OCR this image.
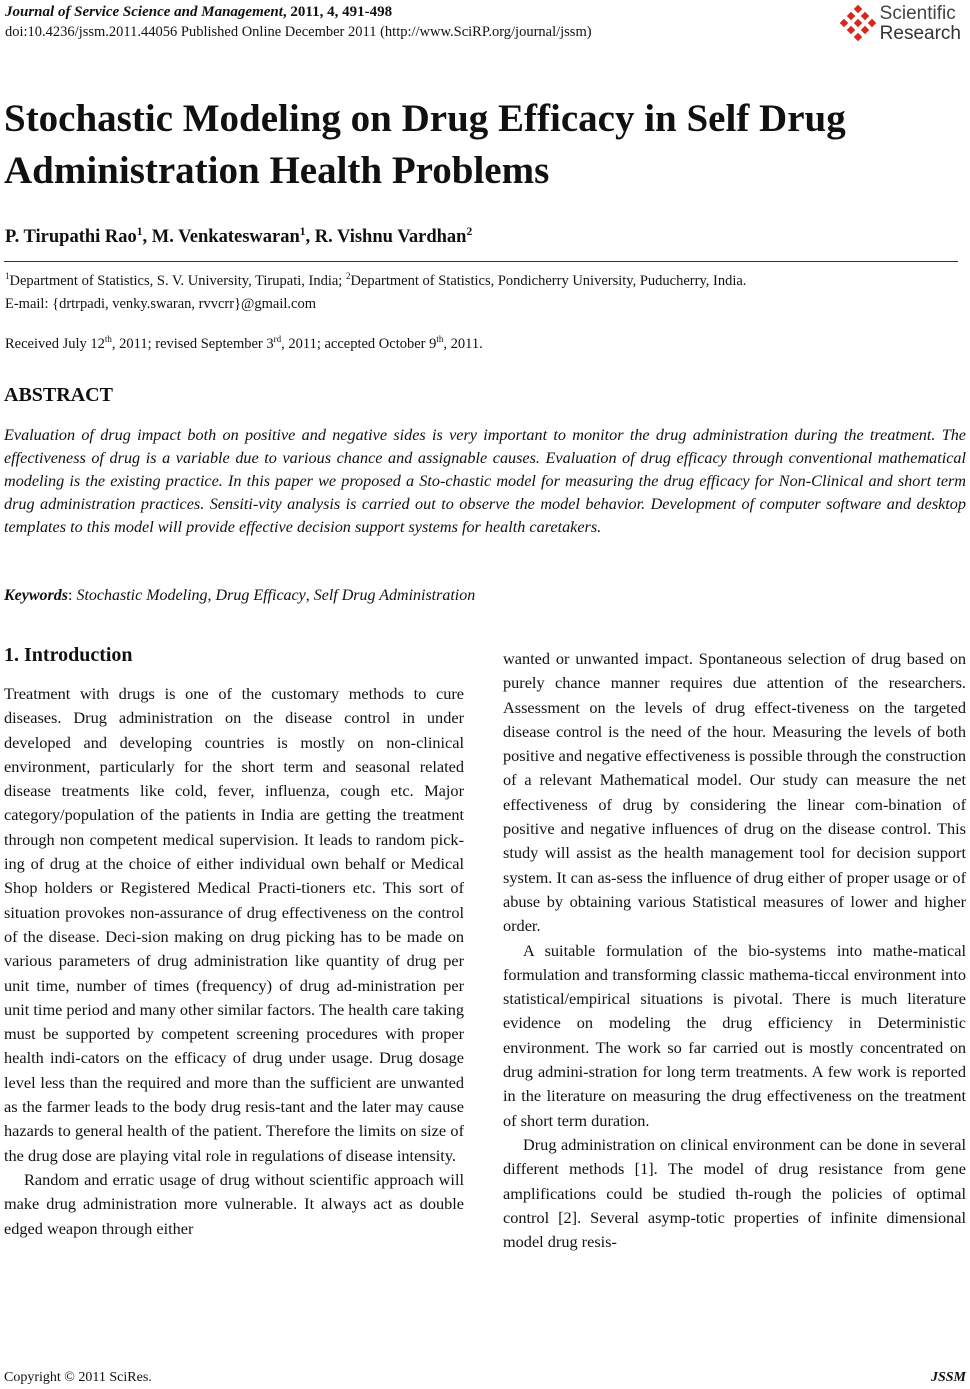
Journal of Service Science and Management, 2011, 4, 491-498
doi:10.4236/jssm.2011.44056 Published Online December 2011 (http://www.SciRP.org/journal/jssm)
Scientific
Research
Stochastic Modeling on Drug Efficacy in Self Drug
Administration Health Problems
P. Tirupathi Rao$^1$, M. Venkateswaran$^1$, R. Vishnu Vardhan$^2$
$^1$Department of Statistics, S. V. University, Tirupati, India; $^2$Department of Statistics, Pondicherry University, Puducherry, India.
E-mail: {drtrpadi, venky.swaran, rvvcrr}@gmail.com
Received July 12th, 2011; revised September 3rd, 2011; accepted October 9th, 2011.
ABSTRACT
Evaluation of drug impact both on positive and negative sides is very important to monitor the drug administration during the treatment. The effectiveness of drug is a variable due to various chance and assignable causes. Evaluation of drug efficacy through conventional mathematical modeling is the existing practice. In this paper we proposed a Sto-chastic model for measuring the drug efficacy for Non-Clinical and short term drug administration practices. Sensiti-vity analysis is carried out to observe the model behavior. Development of computer software and desktop templates to this model will provide effective decision support systems for health caretakers.
Keywords: Stochastic Modeling, Drug Efficacy, Self Drug Administration
1. Introduction

Treatment with drugs is one of the customary methods to cure diseases. Drug administration on the disease control in under developed and developing countries is mostly on non-clinical environment, particularly for the short term and seasonal related disease treatments like cold, fever, influenza, cough etc. Major category/population of the patients in India are getting the treatment through non competent medical supervision. It leads to random pick-ing of drug at the choice of either individual own behalf or Medical Shop holders or Registered Medical Practi-tioners etc. This sort of situation provokes non-assurance of drug effectiveness on the control of the disease. Deci-sion making on drug picking has to be made on various parameters of drug administration like quantity of drug per unit time, number of times (frequency) of drug ad-ministration per unit time period and many other similar factors. The health care taking must be supported by competent screening procedures with proper health indi-cators on the efficacy of drug under usage. Drug dosage level less than the required and more than the sufficient are unwanted as the farmer leads to the body drug resis-tant and the later may cause hazards to general health of the patient. Therefore the limits on size of the drug dose are playing vital role in regulations of disease intensity.

Random and erratic usage of drug without scientific approach will make drug administration more vulnerable. It always act as double edged weapon through either

wanted or unwanted impact. Spontaneous selection of drug based on purely chance manner requires due attention of the researchers. Assessment on the levels of drug effect-tiveness on the targeted disease control is the need of the hour. Measuring the levels of both positive and negative effectiveness is possible through the construction of a relevant Mathematical model. Our study can measure the net effectiveness of drug by considering the linear com-bination of positive and negative influences of drug on the disease control. This study will assist as the health management tool for decision support system. It can as-sess the influence of drug either of proper usage or of abuse by obtaining various Statistical measures of lower and higher order.

A suitable formulation of the bio-systems into mathe-matical formulation and transforming classic mathema-ticcal environment into statistical/empirical situations is pivotal. There is much literature evidence on modeling the drug efficiency in Deterministic environment. The work so far carried out is mostly concentrated on drug admini-stration for long term treatments. A few work is reported in the literature on measuring the drug effectiveness on the treatment of short term duration.

Drug administration on clinical environment can be done in several different methods [1]. The model of drug resistance from gene amplifications could be studied th-rough the policies of optimal control [2]. Several asymp-totic properties of infinite dimensional model drug resis-

Copyright © 2011 SciRes.	JSSM
